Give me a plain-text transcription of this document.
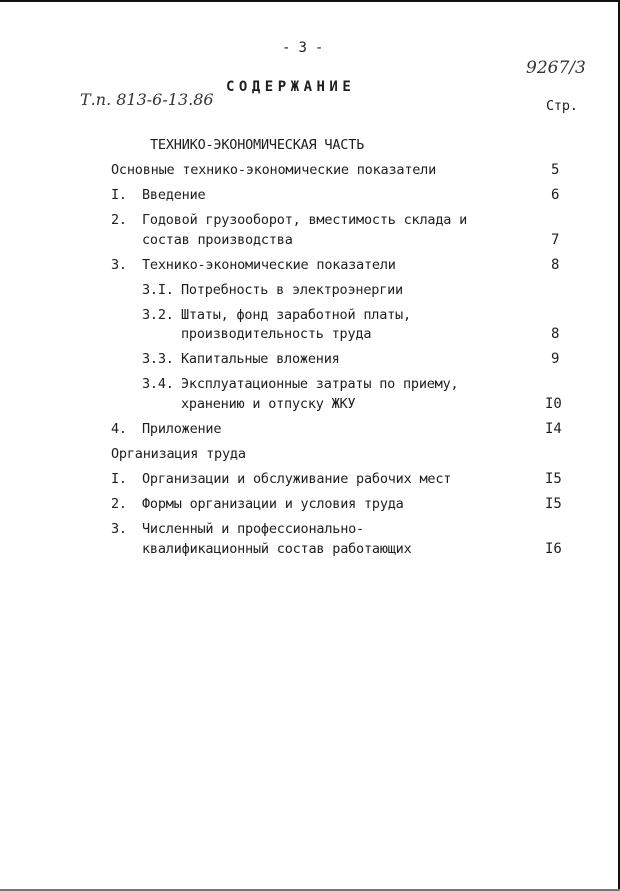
- 3 -
9267/3
СОДЕРЖАНИЕ
Т.п. 813-6-13.86	Стр.
ТЕХНИКО-ЭКОНОМИЧЕСКАЯ ЧАСТЬ
Основные технико-экономические показатели	5
I. Введение	6
2. Годовой грузооборот, вместимость склада и
состав производства	7
3. Технико-экономические показатели	8
3.I. Потребность в электроэнергии
3.2. Штаты, фонд заработной платы,
производительность труда	8
3.3. Капитальные вложения	9
3.4. Эксплуатационные затраты по приему,
хранению и отпуску ЖКУ	I0
4. Приложение	I4
Организация труда
I. Организации и обслуживание рабочих мест	I5
2. Формы организации и условия труда	I5
3. Численный и профессионально-
квалификационный состав работающих	I6
